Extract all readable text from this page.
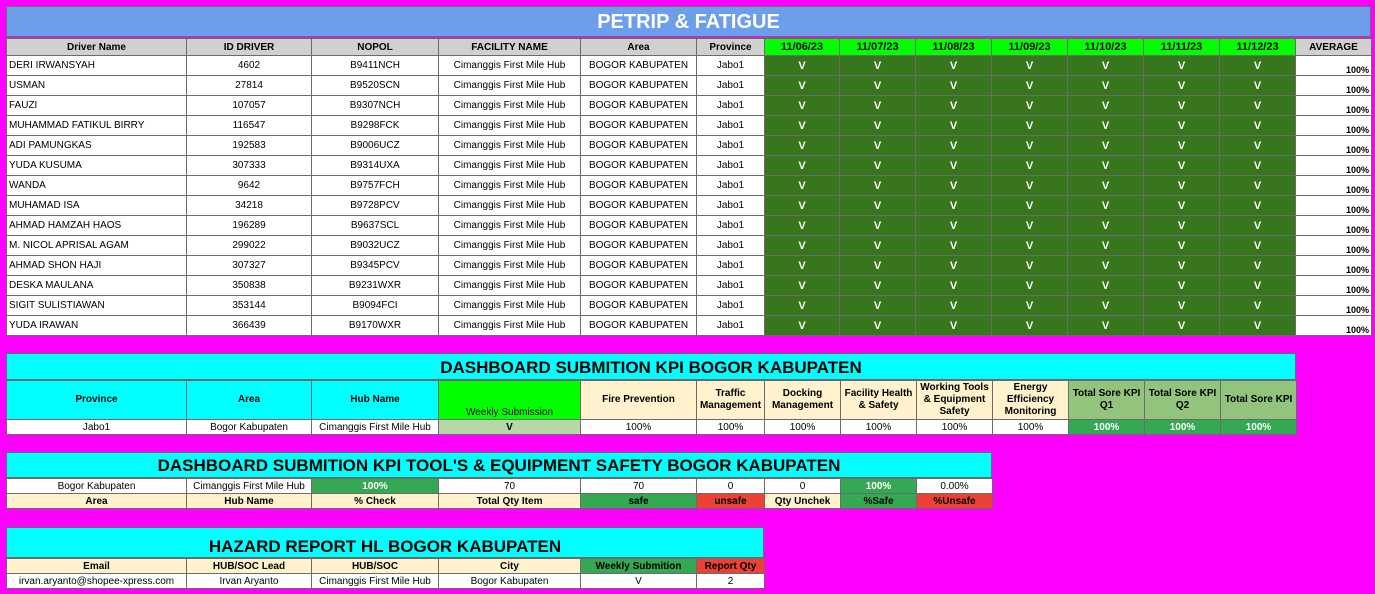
PETRIP & FATIGUE
Driver Name	ID DRIVER	NOPOL	FACILITY NAME	Area	Province	11/06/23	11/07/23	11/08/23	11/09/23	11/10/23	11/11/23	11/12/23	AVERAGE
DERI IRWANSYAH	4602	B9411NCH	Cimanggis First Mile Hub	BOGOR KABUPATEN	Jabo1	V	V	V	V	V	V	V	100%
USMAN	27814	B9520SCN	Cimanggis First Mile Hub	BOGOR KABUPATEN	Jabo1	V	V	V	V	V	V	V	100%
FAUZI	107057	B9307NCH	Cimanggis First Mile Hub	BOGOR KABUPATEN	Jabo1	V	V	V	V	V	V	V	100%
MUHAMMAD FATIKUL BIRRY	116547	B9298FCK	Cimanggis First Mile Hub	BOGOR KABUPATEN	Jabo1	V	V	V	V	V	V	V	100%
ADI PAMUNGKAS	192583	B9006UCZ	Cimanggis First Mile Hub	BOGOR KABUPATEN	Jabo1	V	V	V	V	V	V	V	100%
YUDA KUSUMA	307333	B9314UXA	Cimanggis First Mile Hub	BOGOR KABUPATEN	Jabo1	V	V	V	V	V	V	V	100%
WANDA	9642	B9757FCH	Cimanggis First Mile Hub	BOGOR KABUPATEN	Jabo1	V	V	V	V	V	V	V	100%
MUHAMAD ISA	34218	B9728PCV	Cimanggis First Mile Hub	BOGOR KABUPATEN	Jabo1	V	V	V	V	V	V	V	100%
AHMAD HAMZAH HAOS	196289	B9637SCL	Cimanggis First Mile Hub	BOGOR KABUPATEN	Jabo1	V	V	V	V	V	V	V	100%
M. NICOL APRISAL AGAM	299022	B9032UCZ	Cimanggis First Mile Hub	BOGOR KABUPATEN	Jabo1	V	V	V	V	V	V	V	100%
AHMAD SHON HAJI	307327	B9345PCV	Cimanggis First Mile Hub	BOGOR KABUPATEN	Jabo1	V	V	V	V	V	V	V	100%
DESKA MAULANA	350838	B9231WXR	Cimanggis First Mile Hub	BOGOR KABUPATEN	Jabo1	V	V	V	V	V	V	V	100%
SIGIT SULISTIAWAN	353144	B9094FCI	Cimanggis First Mile Hub	BOGOR KABUPATEN	Jabo1	V	V	V	V	V	V	V	100%
YUDA IRAWAN	366439	B9170WXR	Cimanggis First Mile Hub	BOGOR KABUPATEN	Jabo1	V	V	V	V	V	V	V	100%
DASHBOARD SUBMITION KPI BOGOR KABUPATEN
Province	Area	Hub Name	Weekly Submission	Fire Prevention	Traffic Management	Docking Management	Facility Health & Safety	Working Tools & Equipment Safety	Energy Efficiency Monitoring	Total Sore KPI Q1	Total Sore KPI Q2	Total Sore KPI
Jabo1	Bogor Kabupaten	Cimanggis First Mile Hub	V	100%	100%	100%	100%	100%	100%	100%	100%	100%
DASHBOARD SUBMITION KPI TOOL'S & EQUIPMENT SAFETY BOGOR KABUPATEN
Bogor Kabupaten	Cimanggis First Mile Hub	100%	70	70	0	0	100%	0.00%
Area	Hub Name	% Check	Total Qty Item	safe	unsafe	Qty Unchek	%Safe	%Unsafe
HAZARD REPORT HL BOGOR KABUPATEN
Email	HUB/SOC Lead	HUB/SOC	City	Weekly Submition	Report Qty
irvan.aryanto@shopee-xpress.com	Irvan Aryanto	Cimanggis First Mile Hub	Bogor Kabupaten	V	2
